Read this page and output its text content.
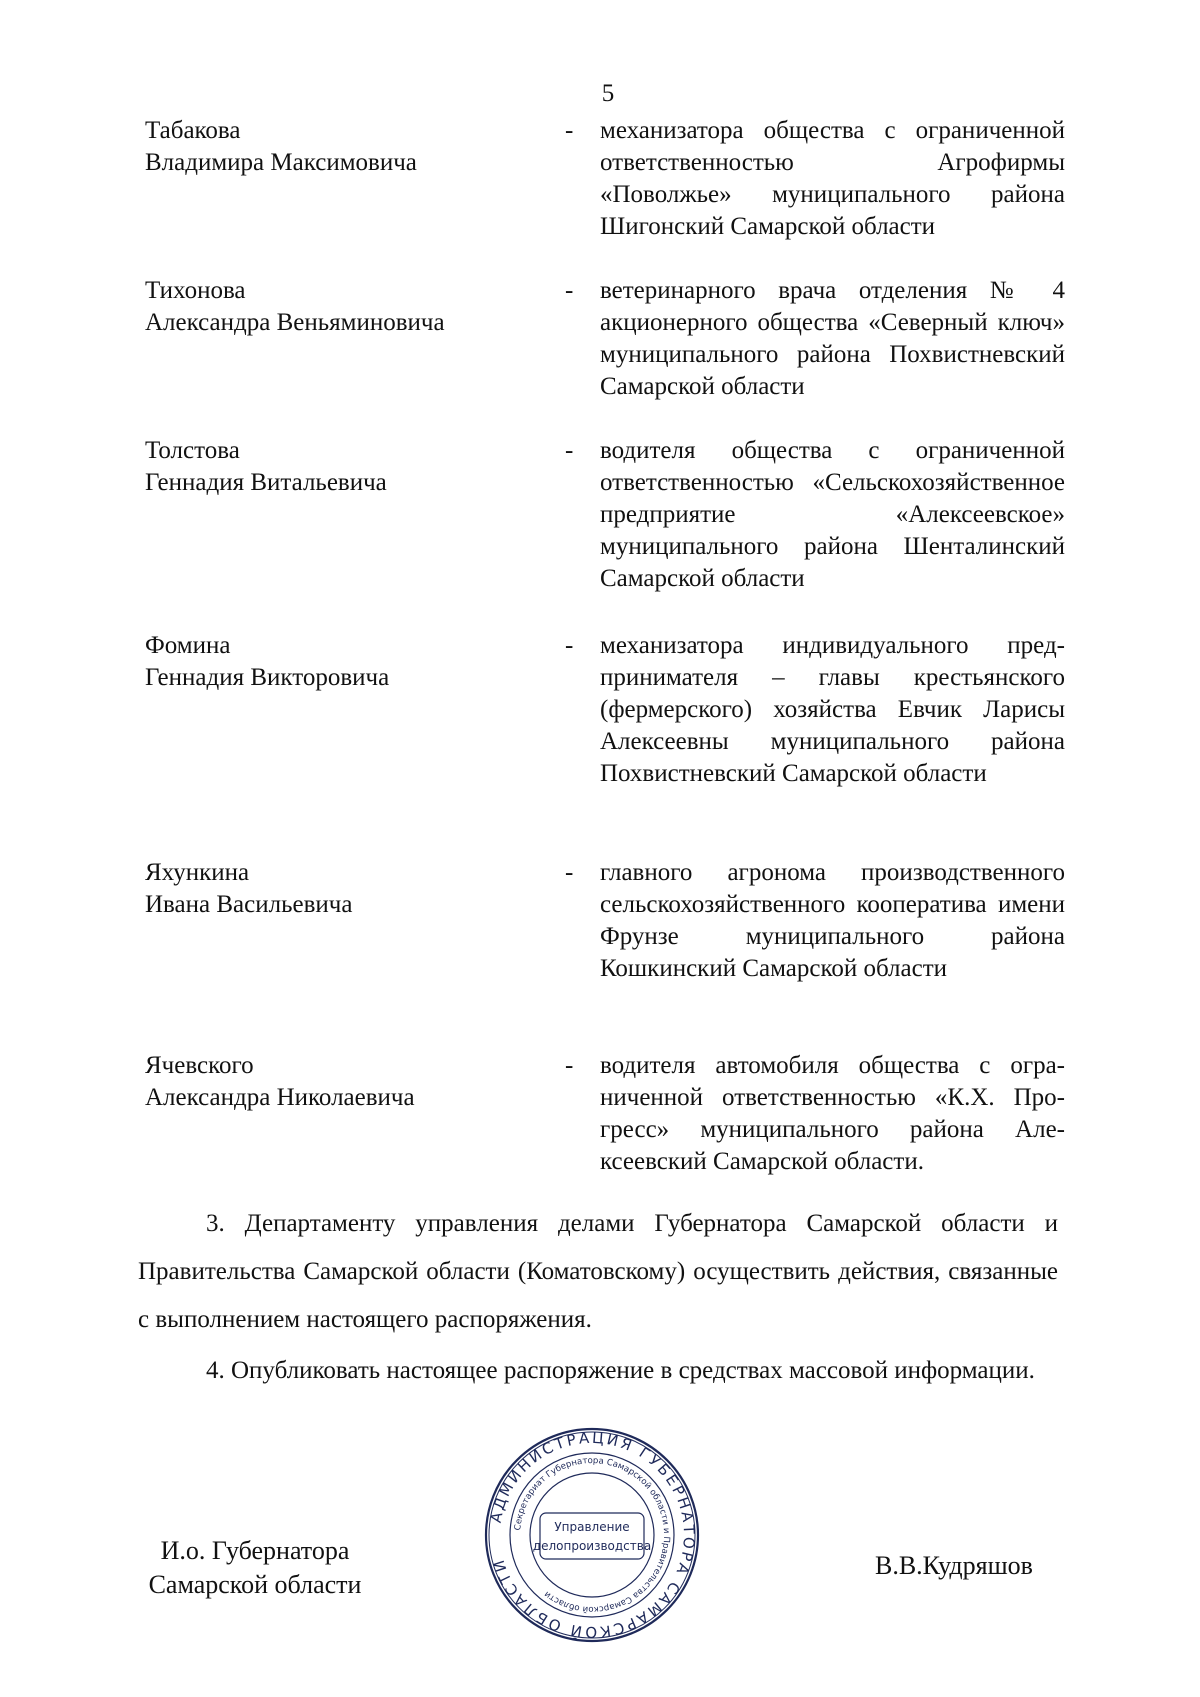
5
Табакова
Владимира Максимовича
- механизатора общества с ограниченной ответственностью Агрофирмы «Поволжье» муниципального района Шигонский Самарской области
Тихонова
Александра Веньяминовича
- ветеринарного врача отделения № 4 акционерного общества «Северный ключ» муниципального района Похвистневский Самарской области
Толстова
Геннадия Витальевича
- водителя общества с ограниченной ответственностью «Сельскохозяйственное предприятие «Алексеевское» муниципального района Шенталинский Самарской области
Фомина
Геннадия Викторовича
- механизатора индивидуального предпринимателя – главы крестьянского (фермерского) хозяйства Евчик Ларисы Алексеевны муниципального района Похвистневский Самарской области
Яхункина
Ивана Васильевича
- главного агронома производственного сельскохозяйственного кооператива имени Фрунзе муниципального района Кошкинский Самарской области
Ячевского
Александра Николаевича
- водителя автомобиля общества с ограниченной ответственностью «К.Х. Прогресс» муниципального района Алексеевский Самарской области.

3. Департаменту управления делами Губернатора Самарской области и Правительства Самарской области (Коматовскому) осуществить действия, связанные с выполнением настоящего распоряжения.

4. Опубликовать настоящее распоряжение в средствах массовой информации.

И.о. Губернатора
Самарской области
АДМИНИСТРАЦИЯ ГУБЕРНАТОРА САМАРСКОЙ ОБЛАСТИ
Секретариат Губернатора Самарской области и Правительства Самарской области
Управление
делопроизводства
В.В.Кудряшов
